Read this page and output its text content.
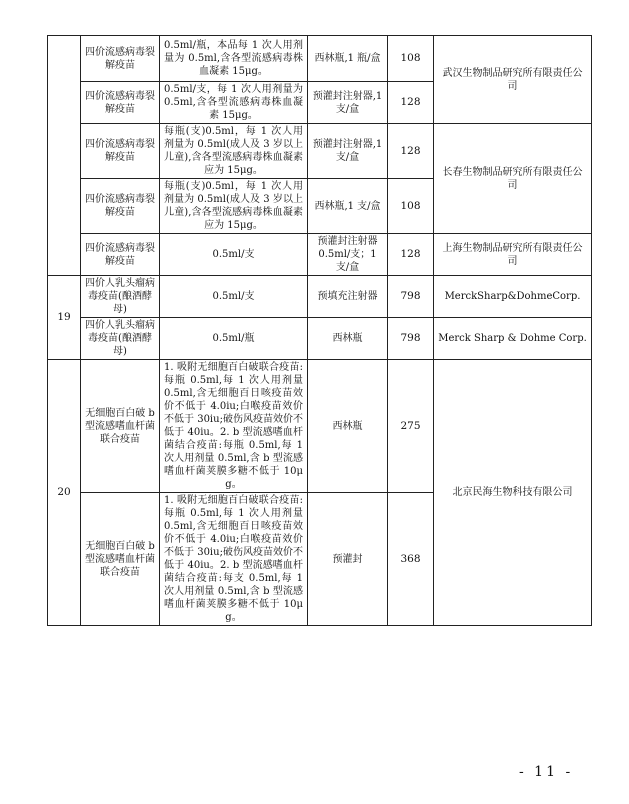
	四价流感病毒裂解疫苗	0.5ml/瓶，本品每 1 次人用剂量为 0.5ml,含各型流感病毒株血凝素 15μg。	西林瓶,1 瓶/盒	108	武汉生物制品研究所有限责任公司
	四价流感病毒裂解疫苗	0.5ml/支，每 1 次人用剂量为 0.5ml,含各型流感病毒株血凝素 15μg。	预灌封注射器,1 支/盒	128	
	四价流感病毒裂解疫苗	每瓶(支)0.5ml，每 1 次人用剂量为 0.5ml(成人及 3 岁以上儿童),含各型流感病毒株血凝素应为 15μg。	预灌封注射器,1 支/盒	128	长春生物制品研究所有限责任公司
	四价流感病毒裂解疫苗	每瓶(支)0.5ml，每 1 次人用剂量为 0.5ml(成人及 3 岁以上儿童),含各型流感病毒株血凝素应为 15μg。	西林瓶,1 支/盒	108	
	四价流感病毒裂解疫苗	0.5ml/支	预灌封注射器 0.5ml/支；1 支/盒	128	上海生物制品研究所有限责任公司
19	四价人乳头瘤病毒疫苗(酿酒酵母)	0.5ml/支	预填充注射器	798	MerckSharp&DohmeCorp.
	四价人乳头瘤病毒疫苗(酿酒酵母)	0.5ml/瓶	西林瓶	798	Merck Sharp & Dohme Corp.
20	无细胞百白破 b 型流感嗜血杆菌联合疫苗	1. 吸附无细胞百白破联合疫苗:每瓶 0.5ml,每 1 次人用剂量 0.5ml,含无细胞百日咳疫苗效价不低于 4.0iu;白喉疫苗效价不低于 30iu;破伤风疫苗效价不低于 40iu。2. b 型流感嗜血杆菌结合疫苗:每瓶 0.5ml,每 1 次人用剂量 0.5ml,含 b 型流感嗜血杆菌荚膜多糖不低于 10μg。	西林瓶	275	北京民海生物科技有限公司
	无细胞百白破 b 型流感嗜血杆菌联合疫苗	1. 吸附无细胞百白破联合疫苗:每瓶 0.5ml,每 1 次人用剂量 0.5ml,含无细胞百日咳疫苗效价不低于 4.0iu;白喉疫苗效价不低于 30iu;破伤风疫苗效价不低于 40iu。2. b 型流感嗜血杆菌结合疫苗:每支 0.5ml,每 1 次人用剂量 0.5ml,含 b 型流感嗜血杆菌荚膜多糖不低于 10μg。	预灌封	368	
- 11 -
